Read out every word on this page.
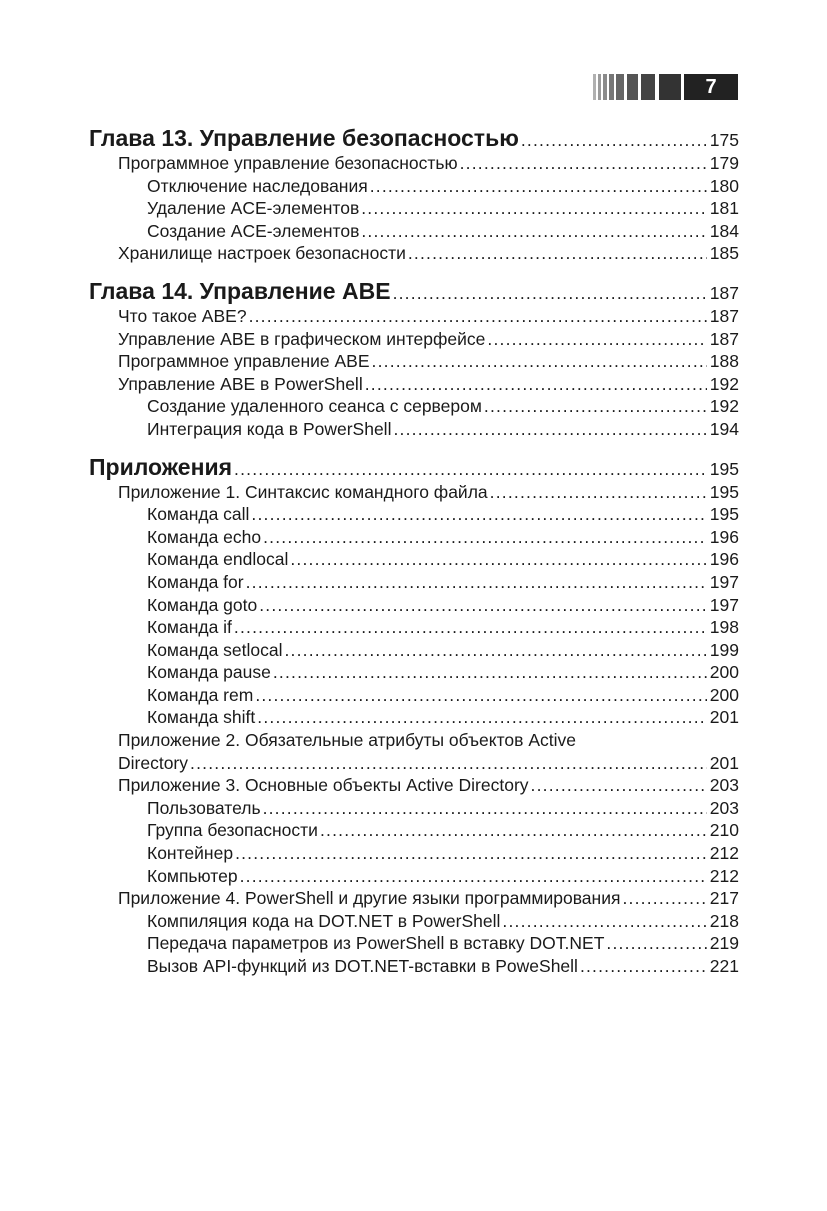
7
Глава 13. Управление безопасностью .....	175
Программное управление безопасностью .....	179
Отключение наследования .....	180
Удаление ACE-элементов .....	181
Создание ACE-элементов .....	184
Хранилище настроек безопасности .....	185
Глава 14. Управление ABE .....	187
Что такое ABE? .....	187
Управление ABE в графическом интерфейсе .....	187
Программное управление ABE .....	188
Управление ABE в PowerShell .....	192
Создание удаленного сеанса с сервером .....	192
Интеграция кода в PowerShell .....	194
Приложения .....	195
Приложение 1. Синтаксис командного файла .....	195
Команда call .....	195
Команда echo .....	196
Команда endlocal .....	196
Команда for .....	197
Команда goto .....	197
Команда if .....	198
Команда setlocal .....	199
Команда pause .....	200
Команда rem .....	200
Команда shift .....	201
Приложение 2. Обязательные атрибуты объектов Active
Directory .....	201
Приложение 3. Основные объекты Active Directory .....	203
Пользователь .....	203
Группа безопасности .....	210
Контейнер .....	212
Компьютер .....	212
Приложение 4. PowerShell и другие языки программирования .....	217
Компиляция кода на DOT.NET в PowerShell .....	218
Передача параметров из PowerShell в вставку DOT.NET .....	219
Вызов API-функций из DOT.NET-вставки в PoweShell .....	221
